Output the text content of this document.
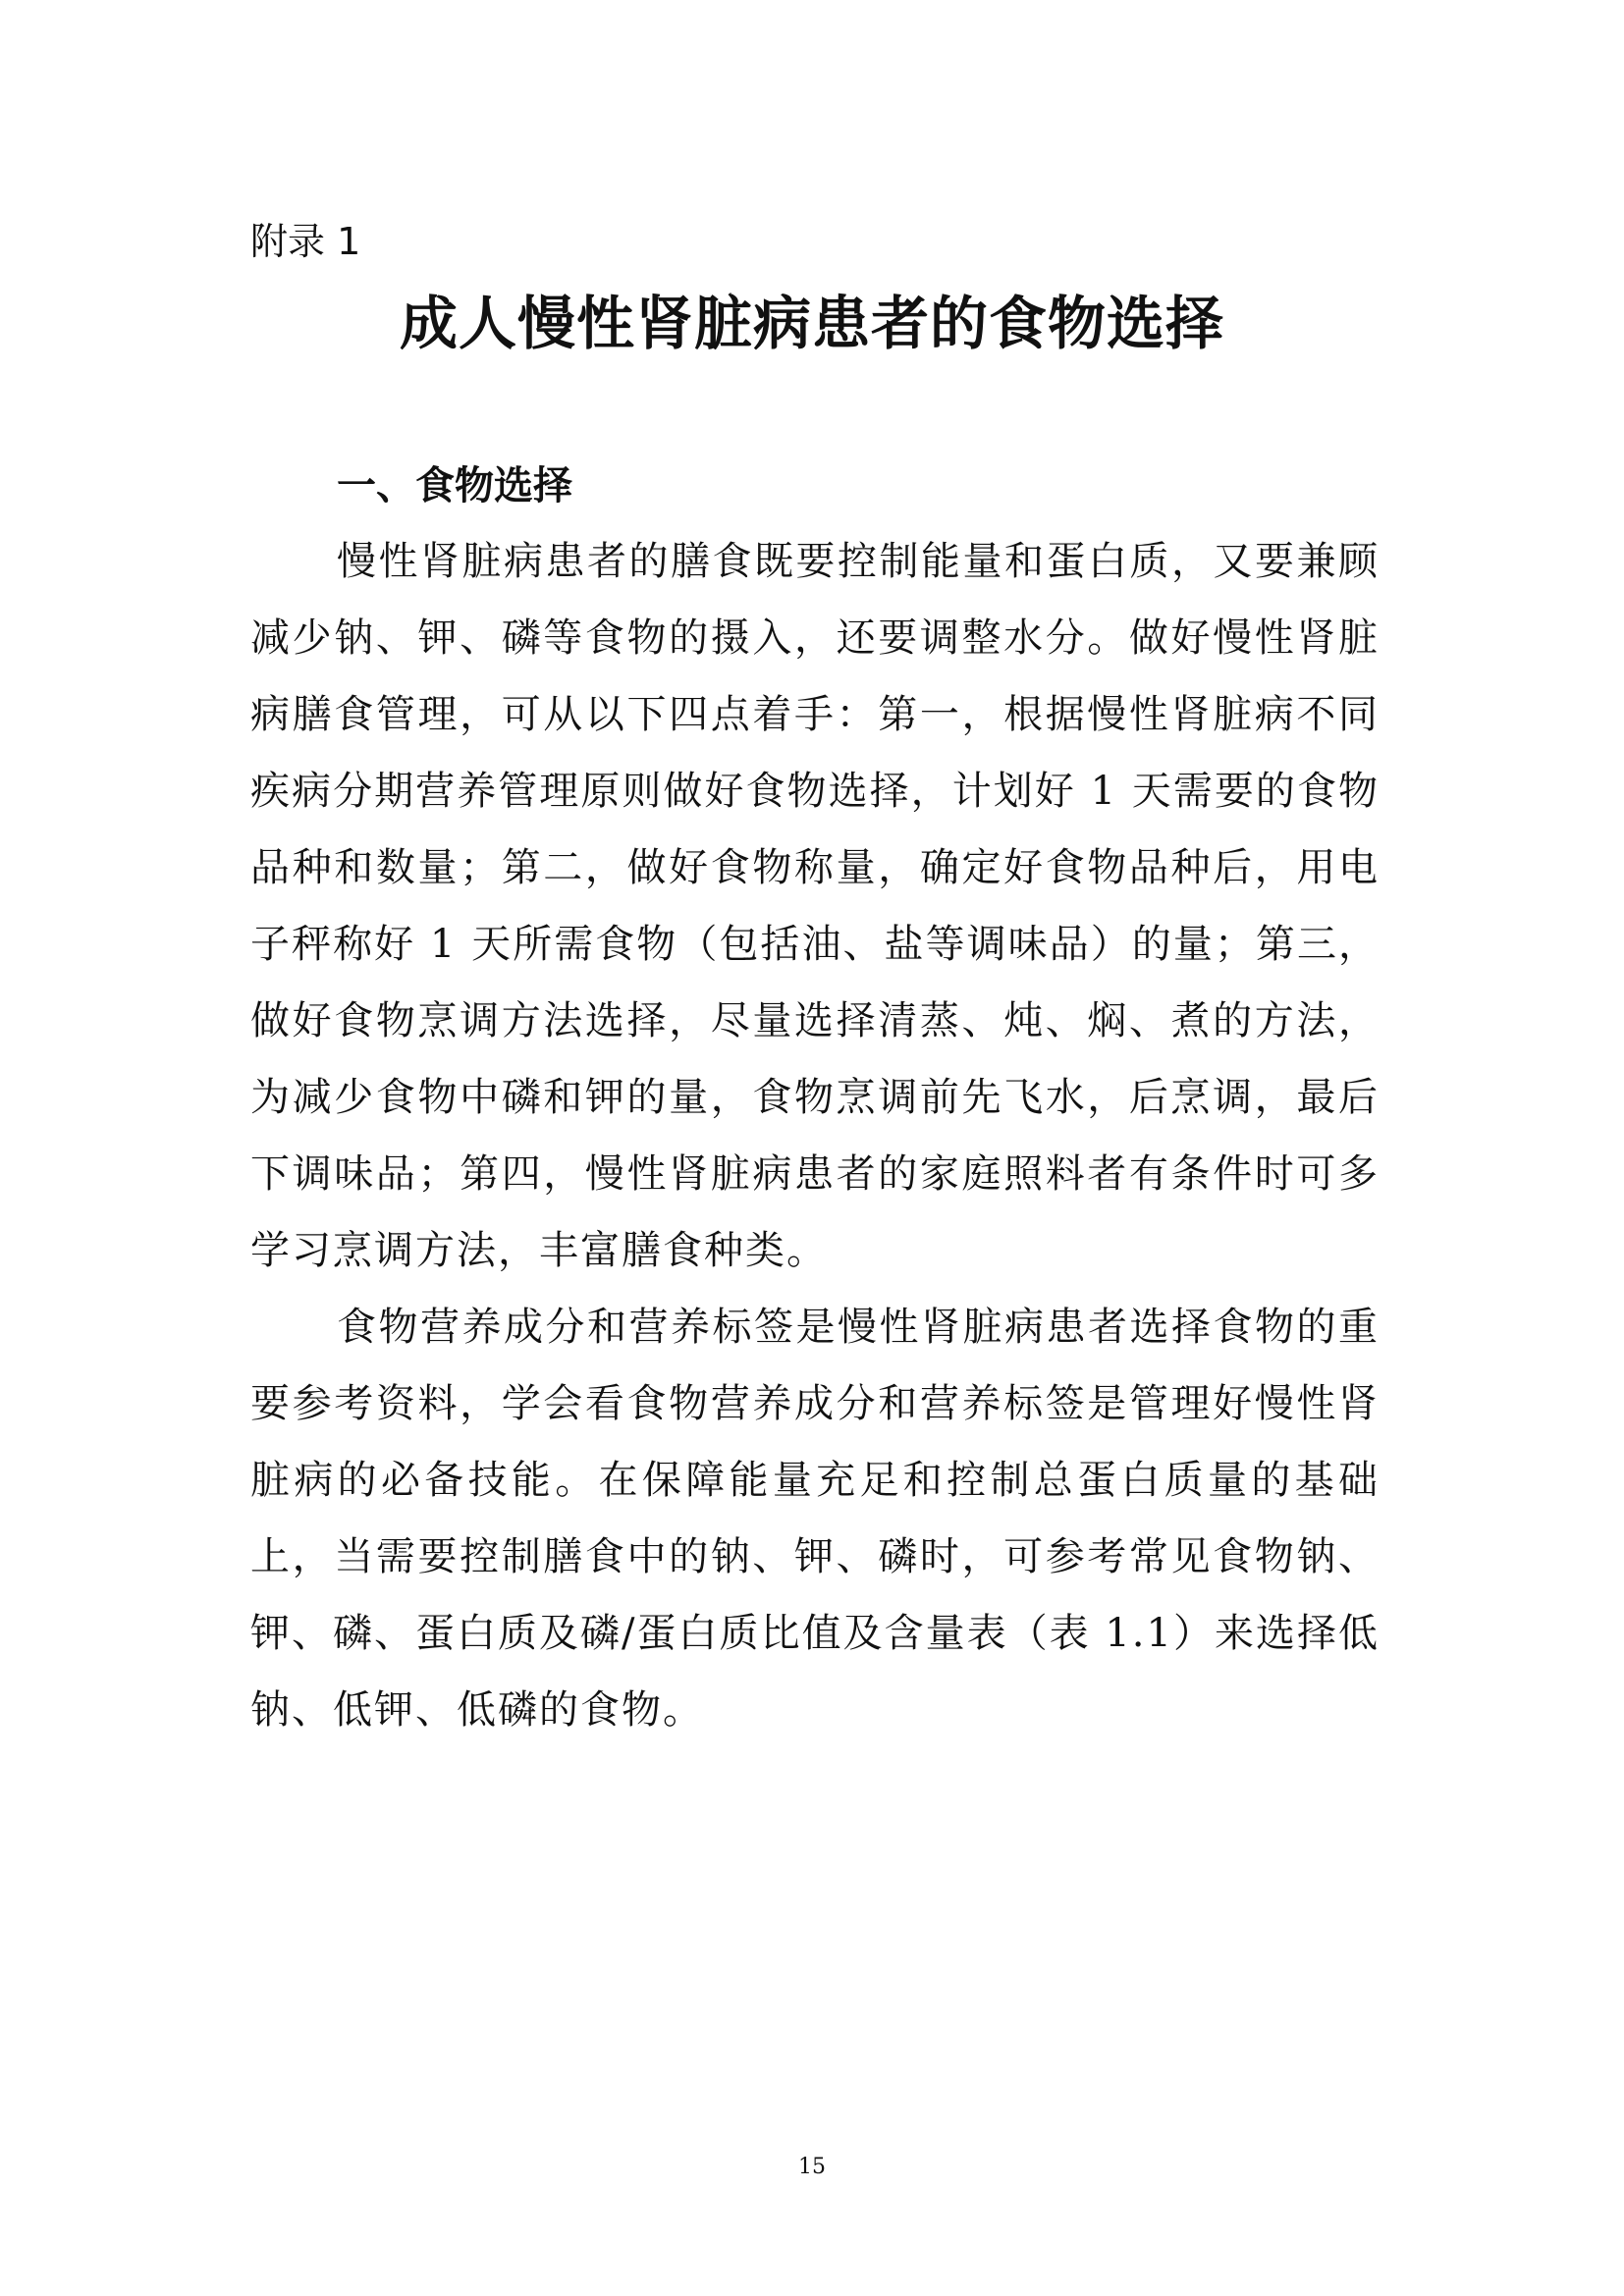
附录 1
成人慢性肾脏病患者的食物选择
一、食物选择

慢性肾脏病患者的膳食既要控制能量和蛋白质，又要兼顾减少钠、钾、磷等食物的摄入，还要调整水分。做好慢性肾脏病膳食管理，可从以下四点着手：第一，根据慢性肾脏病不同疾病分期营养管理原则做好食物选择，计划好 1 天需要的食物品种和数量；第二，做好食物称量，确定好食物品种后，用电子秤称好 1 天所需食物（包括油、盐等调味品）的量；第三，做好食物烹调方法选择，尽量选择清蒸、炖、焖、煮的方法，为减少食物中磷和钾的量，食物烹调前先飞水，后烹调，最后下调味品；第四，慢性肾脏病患者的家庭照料者有条件时可多学习烹调方法，丰富膳食种类。

食物营养成分和营养标签是慢性肾脏病患者选择食物的重要参考资料，学会看食物营养成分和营养标签是管理好慢性肾脏病的必备技能。在保障能量充足和控制总蛋白质量的基础上，当需要控制膳食中的钠、钾、磷时，可参考常见食物钠、钾、磷、蛋白质及磷/蛋白质比值及含量表（表 1.1）来选择低钠、低钾、低磷的食物。

15
